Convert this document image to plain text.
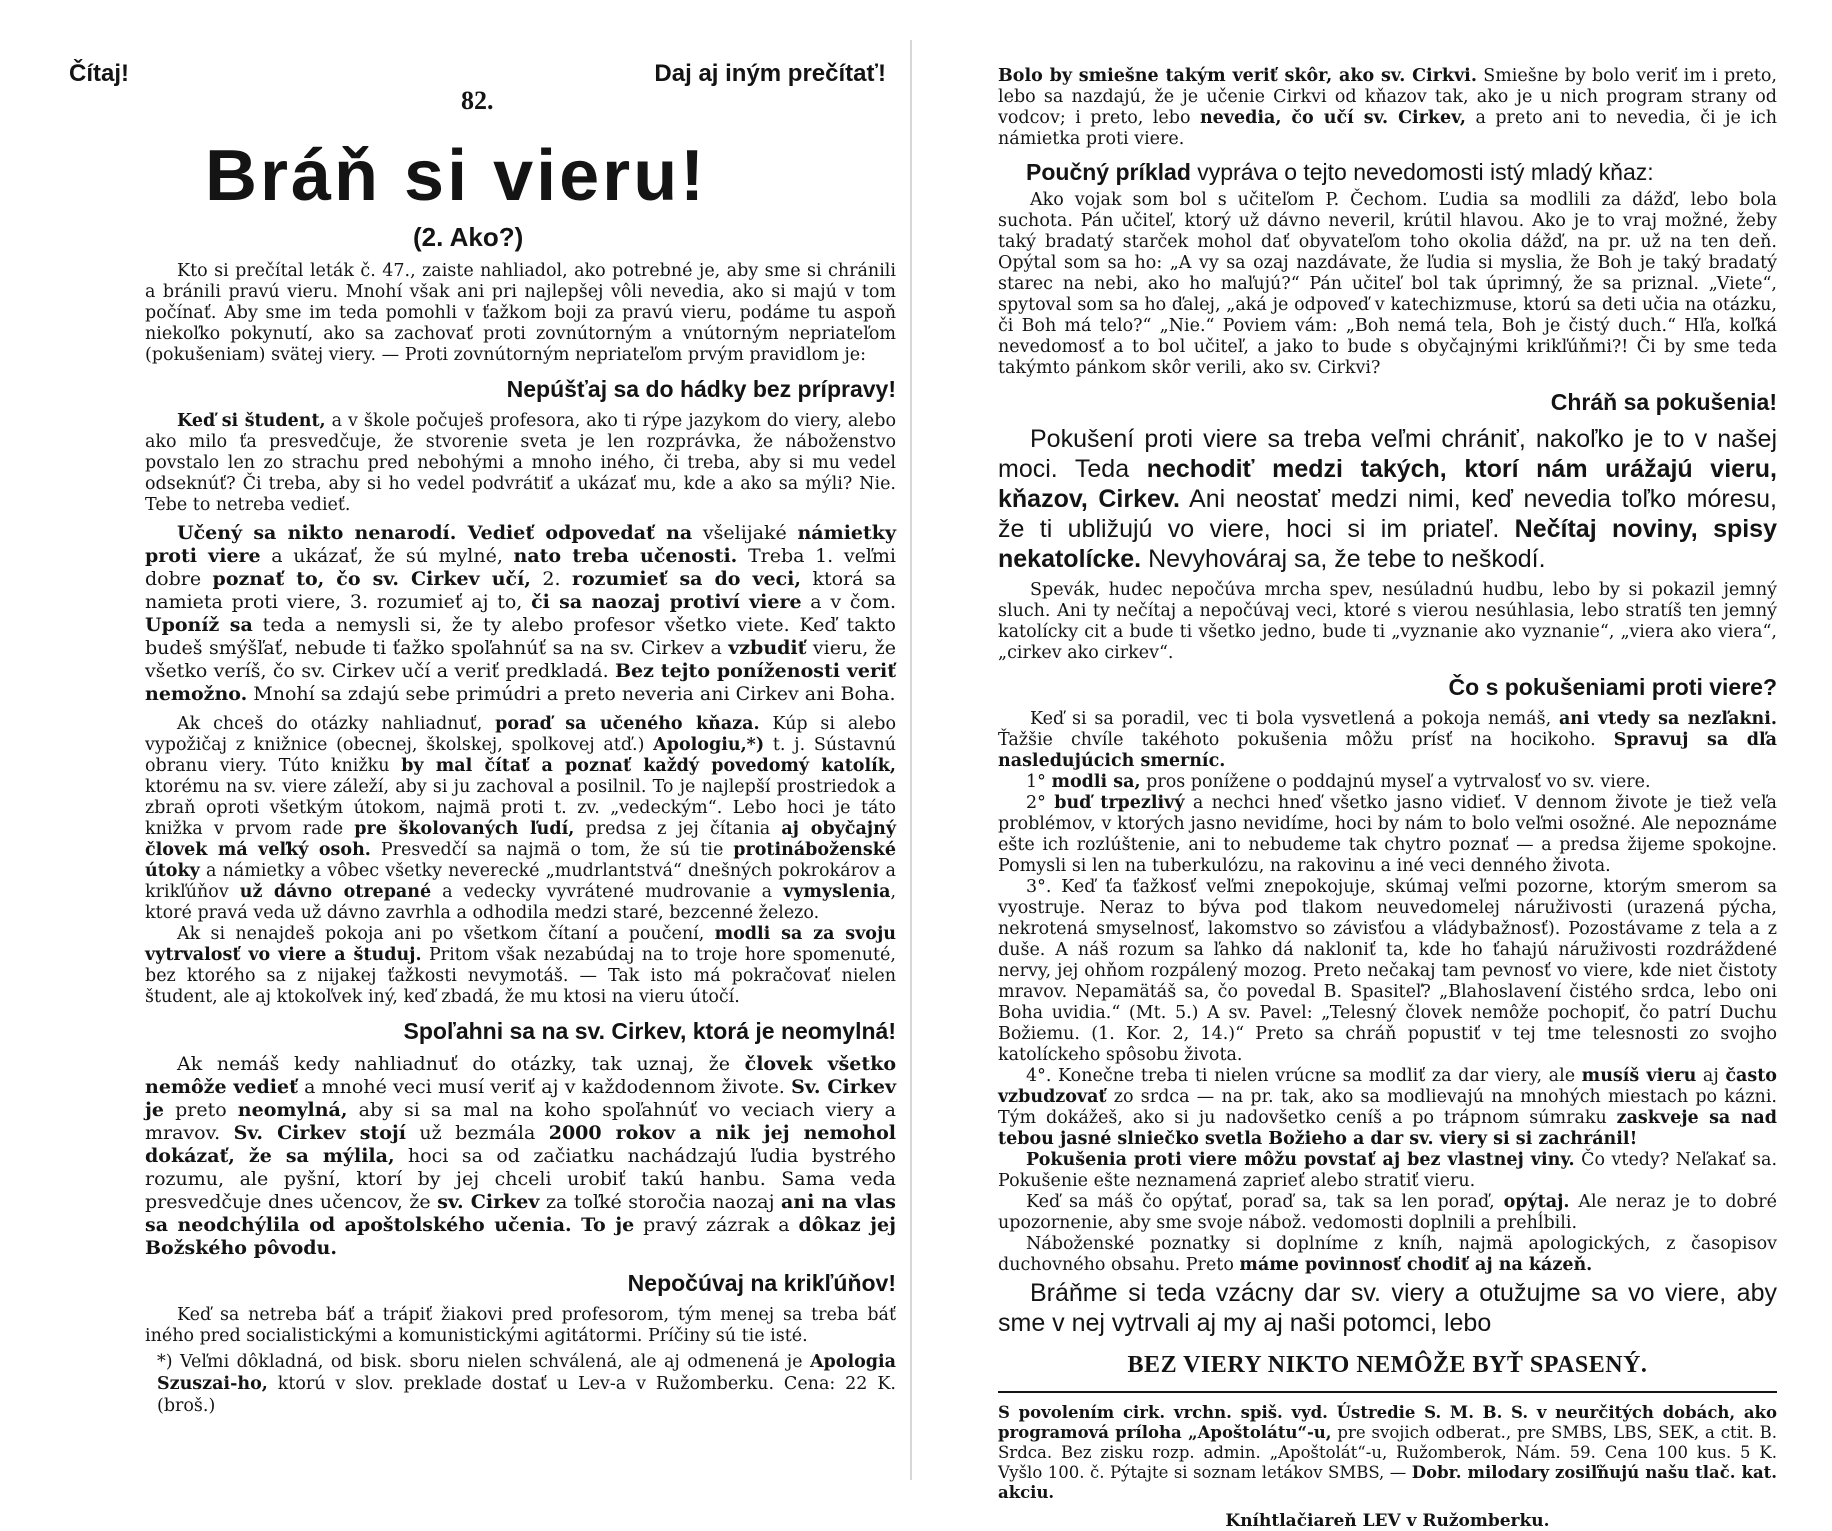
Čítaj!	Daj aj iným prečítať!
82.
Bráň si vieru!
(2. Ako?)

Kto si prečítal leták č. 47., zaiste nahliadol, ako potrebné je, aby sme si chránili a bránili pravú vieru. Mnohí však ani pri najlepšej vôli nevedia, ako si majú v tom počínať. Aby sme im teda pomohli v ťažkom boji za pravú vieru, podáme tu aspoň niekoľko pokynutí, ako sa zachovať proti zovnútorným a vnútorným nepriateľom (pokušeniam) svätej viery. — Proti zovnútorným nepriateľom prvým pravidlom je:

Nepúšťaj sa do hádky bez prípravy!

Keď si študent, a v škole počuješ profesora, ako ti rýpe jazykom do viery, alebo ako milo ťa presvedčuje, že stvorenie sveta je len rozprávka, že náboženstvo povstalo len zo strachu pred nebohými a mnoho iného, či treba, aby si mu vedel odseknúť? Či treba, aby si ho vedel podvrátiť a ukázať mu, kde a ako sa mýli? Nie. Tebe to netreba vedieť.

Učený sa nikto nenarodí. Vedieť odpovedať na všelijaké námietky proti viere a ukázať, že sú mylné, nato treba učenosti. Treba 1. veľmi dobre poznať to, čo sv. Cirkev učí, 2. rozumieť sa do veci, ktorá sa namieta proti viere, 3. rozumieť aj to, či sa naozaj protiví viere a v čom. Uponíž sa teda a nemysli si, že ty alebo profesor všetko viete. Keď takto budeš smýšľať, nebude ti ťažko spoľahnúť sa na sv. Cirkev a vzbudiť vieru, že všetko veríš, čo sv. Cirkev učí a veriť predkladá. Bez tejto poníženosti veriť nemožno. Mnohí sa zdajú sebe primúdri a preto neveria ani Cirkev ani Boha.

Ak chceš do otázky nahliadnuť, poraď sa učeného kňaza. Kúp si alebo vypožičaj z knižnice (obecnej, školskej, spolkovej atď.) Apologiu,*) t. j. Sústavnú obranu viery. Túto knižku by mal čítať a poznať každý povedomý katolík, ktorému na sv. viere záleží, aby si ju zachoval a posilnil. To je najlepší prostriedok a zbraň oproti všetkým útokom, najmä proti t. zv. „vedeckým“. Lebo hoci je táto knižka v prvom rade pre školovaných ľudí, predsa z jej čítania aj obyčajný človek má veľký osoh. Presvedčí sa najmä o tom, že sú tie protináboženské útoky a námietky a vôbec všetky neverecké „mudrlantstvá“ dnešných pokrokárov a krikľúňov už dávno otrepané a vedecky vyvrátené mudrovanie a vymyslenia, ktoré pravá veda už dávno zavrhla a odhodila medzi staré, bezcenné železo.

Ak si nenajdeš pokoja ani po všetkom čítaní a poučení, modli sa za svoju vytrvalosť vo viere a študuj. Pritom však nezabúdaj na to troje hore spomenuté, bez ktorého sa z nijakej ťažkosti nevymotáš. — Tak isto má pokračovať nielen študent, ale aj ktokoľvek iný, keď zbadá, že mu ktosi na vieru útočí.

Spoľahni sa na sv. Cirkev, ktorá je neomylná!

Ak nemáš kedy nahliadnuť do otázky, tak uznaj, že človek všetko nemôže vedieť a mnohé veci musí veriť aj v každodennom živote. Sv. Cirkev je preto neomylná, aby si sa mal na koho spoľahnúť vo veciach viery a mravov. Sv. Cirkev stojí už bezmála 2000 rokov a nik jej nemohol dokázať, že sa mýlila, hoci sa od začiatku nachádzajú ľudia bystrého rozumu, ale pyšní, ktorí by jej chceli urobiť takú hanbu. Sama veda presvedčuje dnes učencov, že sv. Cirkev za toľké storočia naozaj ani na vlas sa neodchýlila od apoštolského učenia. To je pravý zázrak a dôkaz jej Božského pôvodu.

Nepočúvaj na krikľúňov!

Keď sa netreba báť a trápiť žiakovi pred profesorom, tým menej sa treba báť iného pred socialistickými a komunistickými agitátormi. Príčiny sú tie isté.

*) Veľmi dôkladná, od bisk. sboru nielen schválená, ale aj odmenená je Apologia Szuszai-ho, ktorú v slov. preklade dostať u Lev-a v Ružomberku. Cena: 22 K. (broš.)

Bolo by smiešne takým veriť skôr, ako sv. Cirkvi. Smiešne by bolo veriť im i preto, lebo sa nazdajú, že je učenie Cirkvi od kňazov tak, ako je u nich program strany od vodcov; i preto, lebo nevedia, čo učí sv. Cirkev, a preto ani to nevedia, či je ich námietka proti viere.

Poučný príklad vypráva o tejto nevedomosti istý mladý kňaz:

Ako vojak som bol s učiteľom P. Čechom. Ľudia sa modlili za dážď, lebo bola suchota. Pán učiteľ, ktorý už dávno neveril, krútil hlavou. Ako je to vraj možné, žeby taký bradatý starček mohol dať obyvateľom toho okolia dážď, na pr. už na ten deň. Opýtal som sa ho: „A vy sa ozaj nazdávate, že ľudia si myslia, že Boh je taký bradatý starec na nebi, ako ho maľujú?“ Pán učiteľ bol tak úprimný, že sa priznal. „Viete“, spytoval som sa ho ďalej, „aká je odpoveď v katechizmuse, ktorú sa deti učia na otázku, či Boh má telo?“ „Nie.“ Poviem vám: „Boh nemá tela, Boh je čistý duch.“ Hľa, koľká nevedomosť a to bol učiteľ, a jako to bude s obyčajnými krikľúňmi?! Či by sme teda takýmto pánkom skôr verili, ako sv. Cirkvi?

Chráň sa pokušenia!

Pokušení proti viere sa treba veľmi chrániť, nakoľko je to v našej moci. Teda nechodiť medzi takých, ktorí nám urážajú vieru, kňazov, Cirkev. Ani neostať medzi nimi, keď nevedia toľko móresu, že ti ubližujú vo viere, hoci si im priateľ. Nečítaj noviny, spisy nekatolícke. Nevyhováraj sa, že tebe to neškodí.

Spevák, hudec nepočúva mrcha spev, nesúladnú hudbu, lebo by si pokazil jemný sluch. Ani ty nečítaj a nepočúvaj veci, ktoré s vierou nesúhlasia, lebo stratíš ten jemný katolícky cit a bude ti všetko jedno, bude ti „vyznanie ako vyznanie“, „viera ako viera“, „cirkev ako cirkev“.

Čo s pokušeniami proti viere?

Keď si sa poradil, vec ti bola vysvetlená a pokoja nemáš, ani vtedy sa nezľakni. Ťažšie chvíle takéhoto pokušenia môžu prísť na hocikoho. Spravuj sa dľa nasledujúcich smerníc.

1° modli sa, pros ponížene o poddajnú myseľ a vytrvalosť vo sv. viere.

2° buď trpezlivý a nechci hneď všetko jasno vidieť. V dennom živote je tiež veľa problémov, v ktorých jasno nevidíme, hoci by nám to bolo veľmi osožné. Ale nepoznáme ešte ich rozlúštenie, ani to nebudeme tak chytro poznať — a predsa žijeme spokojne. Pomysli si len na tuberkulózu, na rakovinu a iné veci denného života.

3°. Keď ťa ťažkosť veľmi znepokojuje, skúmaj veľmi pozorne, ktorým smerom sa vyostruje. Neraz to býva pod tlakom neuvedomelej náruživosti (urazená pýcha, nekrotená smyselnosť, lakomstvo so závisťou a vládybažnosť). Pozostávame z tela a z duše. A náš rozum sa ľahko dá nakloniť ta, kde ho ťahajú náruživosti rozdráždené nervy, jej ohňom rozpálený mozog. Preto nečakaj tam pevnosť vo viere, kde niet čistoty mravov. Nepamätáš sa, čo povedal B. Spasiteľ? „Blahoslavení čistého srdca, lebo oni Boha uvidia.“ (Mt. 5.) A sv. Pavel: „Telesný človek nemôže pochopiť, čo patrí Duchu Božiemu. (1. Kor. 2, 14.)“ Preto sa chráň popustiť v tej tme telesnosti zo svojho katolíckeho spôsobu života.

4°. Konečne treba ti nielen vrúcne sa modliť za dar viery, ale musíš vieru aj často vzbudzovať zo srdca — na pr. tak, ako sa modlievajú na mnohých miestach po kázni. Tým dokážeš, ako si ju nadovšetko ceníš a po trápnom súmraku zaskveje sa nad tebou jasné slniečko svetla Božieho a dar sv. viery si si zachránil!

Pokušenia proti viere môžu povstať aj bez vlastnej viny. Čo vtedy? Neľakať sa. Pokušenie ešte neznamená zaprieť alebo stratiť vieru.

Keď sa máš čo opýtať, poraď sa, tak sa len poraď, opýtaj. Ale neraz je to dobré upozornenie, aby sme svoje nábož. vedomosti doplnili a prehĺbili.

Náboženské poznatky si doplníme z kníh, najmä apologických, z časopisov duchovného obsahu. Preto máme povinnosť chodiť aj na kázeň.

Bráňme si teda vzácny dar sv. viery a otužujme sa vo viere, aby sme v nej vytrvali aj my aj naši potomci, lebo

BEZ VIERY NIKTO NEMÔŽE BYŤ SPASENÝ.

S povolením cirk. vrchn. spiš. vyd. Ústredie S. M. B. S. v neurčitých dobách, ako programová príloha „Apoštolátu“-u, pre svojich odberat., pre SMBS, LBS, SEK, a ctit. B. Srdca. Bez zisku rozp. admin. „Apoštolát“-u, Ružomberok, Nám. 59. Cena 100 kus. 5 K. Vyšlo 100. č. Pýtajte si soznam letákov SMBS, — Dobr. milodary zosiľňujú našu tlač. kat. akciu.

Kníhtlačiareň LEV v Ružomberku.
